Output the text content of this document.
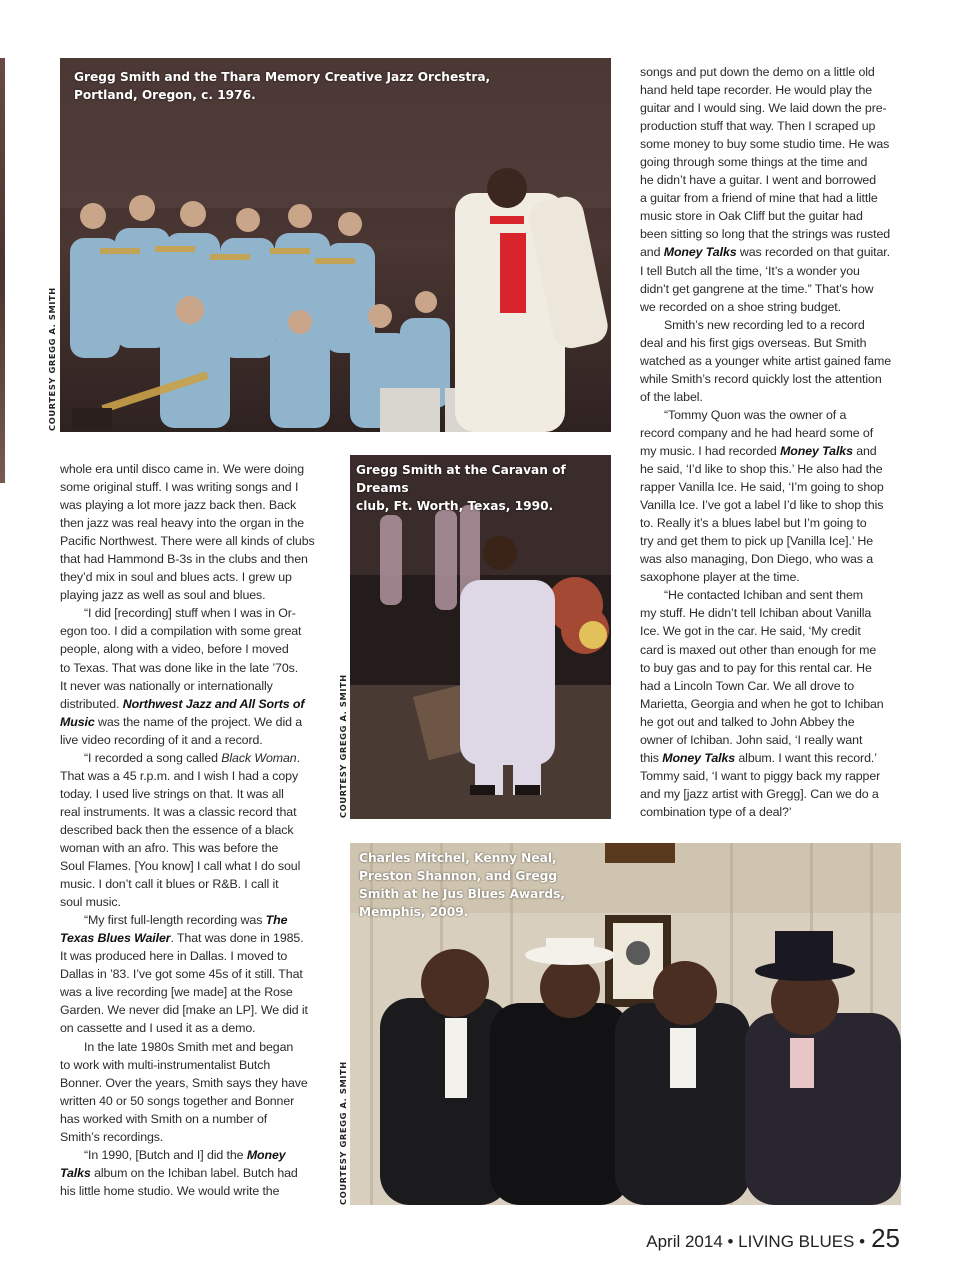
Gregg Smith and the Thara Memory Creative Jazz Orchestra,
Portland, Oregon, c. 1976.
COURTESY GREGG A. SMITH
Gregg Smith at the Caravan of Dreams
club, Ft. Worth, Texas, 1990.
COURTESY GREGG A. SMITH
Charles Mitchel, Kenny Neal,
Preston Shannon, and Gregg
Smith at he Jus Blues Awards,
Memphis, 2009.
COURTESY GREGG A. SMITH

whole era until disco came in. We were doing
some original stuff. I was writing songs and I
was playing a lot more jazz back then. Back
then jazz was real heavy into the organ in the
Pacific Northwest. There were all kinds of clubs
that had Hammond B-3s in the clubs and then
they’d mix in soul and blues acts. I grew up
playing jazz as well as soul and blues.

“I did [recording] stuff when I was in Or-
egon too. I did a compilation with some great
people, along with a video, before I moved
to Texas. That was done like in the late ’70s.
It never was nationally or internationally
distributed. Northwest Jazz and All Sorts of
Music was the name of the project. We did a
live video recording of it and a record.

“I recorded a song called Black Woman.
That was a 45 r.p.m. and I wish I had a copy
today. I used live strings on that. It was all
real instruments. It was a classic record that
described back then the essence of a black
woman with an afro. This was before the
Soul Flames. [You know] I call what I do soul
music. I don’t call it blues or R&B. I call it
soul music.

“My first full-length recording was The
Texas Blues Wailer. That was done in 1985.
It was produced here in Dallas. I moved to
Dallas in ’83. I’ve got some 45s of it still. That
was a live recording [we made] at the Rose
Garden. We never did [make an LP]. We did it
on cassette and I used it as a demo.

In the late 1980s Smith met and began
to work with multi-instrumentalist Butch
Bonner. Over the years, Smith says they have
written 40 or 50 songs together and Bonner
has worked with Smith on a number of
Smith’s recordings.

“In 1990, [Butch and I] did the Money
Talks album on the Ichiban label. Butch had
his little home studio. We would write the

songs and put down the demo on a little old
hand held tape recorder. He would play the
guitar and I would sing. We laid down the pre-
production stuff that way. Then I scraped up
some money to buy some studio time. He was
going through some things at the time and
he didn’t have a guitar. I went and borrowed
a guitar from a friend of mine that had a little
music store in Oak Cliff but the guitar had
been sitting so long that the strings was rusted
and Money Talks was recorded on that guitar.
I tell Butch all the time, ‘It’s a wonder you
didn’t get gangrene at the time.” That’s how
we recorded on a shoe string budget.

Smith’s new recording led to a record
deal and his first gigs overseas. But Smith
watched as a younger white artist gained fame
while Smith’s record quickly lost the attention
of the label.

“Tommy Quon was the owner of a
record company and he had heard some of
my music. I had recorded Money Talks and
he said, ‘I’d like to shop this.’ He also had the
rapper Vanilla Ice. He said, ‘I’m going to shop
Vanilla Ice. I’ve got a label I’d like to shop this
to. Really it’s a blues label but I’m going to
try and get them to pick up [Vanilla Ice].’ He
was also managing, Don Diego, who was a
saxophone player at the time.

“He contacted Ichiban and sent them
my stuff. He didn’t tell Ichiban about Vanilla
Ice. We got in the car. He said, ‘My credit
card is maxed out other than enough for me
to buy gas and to pay for this rental car. He
had a Lincoln Town Car. We all drove to
Marietta, Georgia and when he got to Ichiban
he got out and talked to John Abbey the
owner of Ichiban. John said, ‘I really want
this Money Talks album. I want this record.’
Tommy said, ‘I want to piggy back my rapper
and my [jazz artist with Gregg]. Can we do a
combination type of a deal?’

April 2014 • LIVING BLUES • 25
